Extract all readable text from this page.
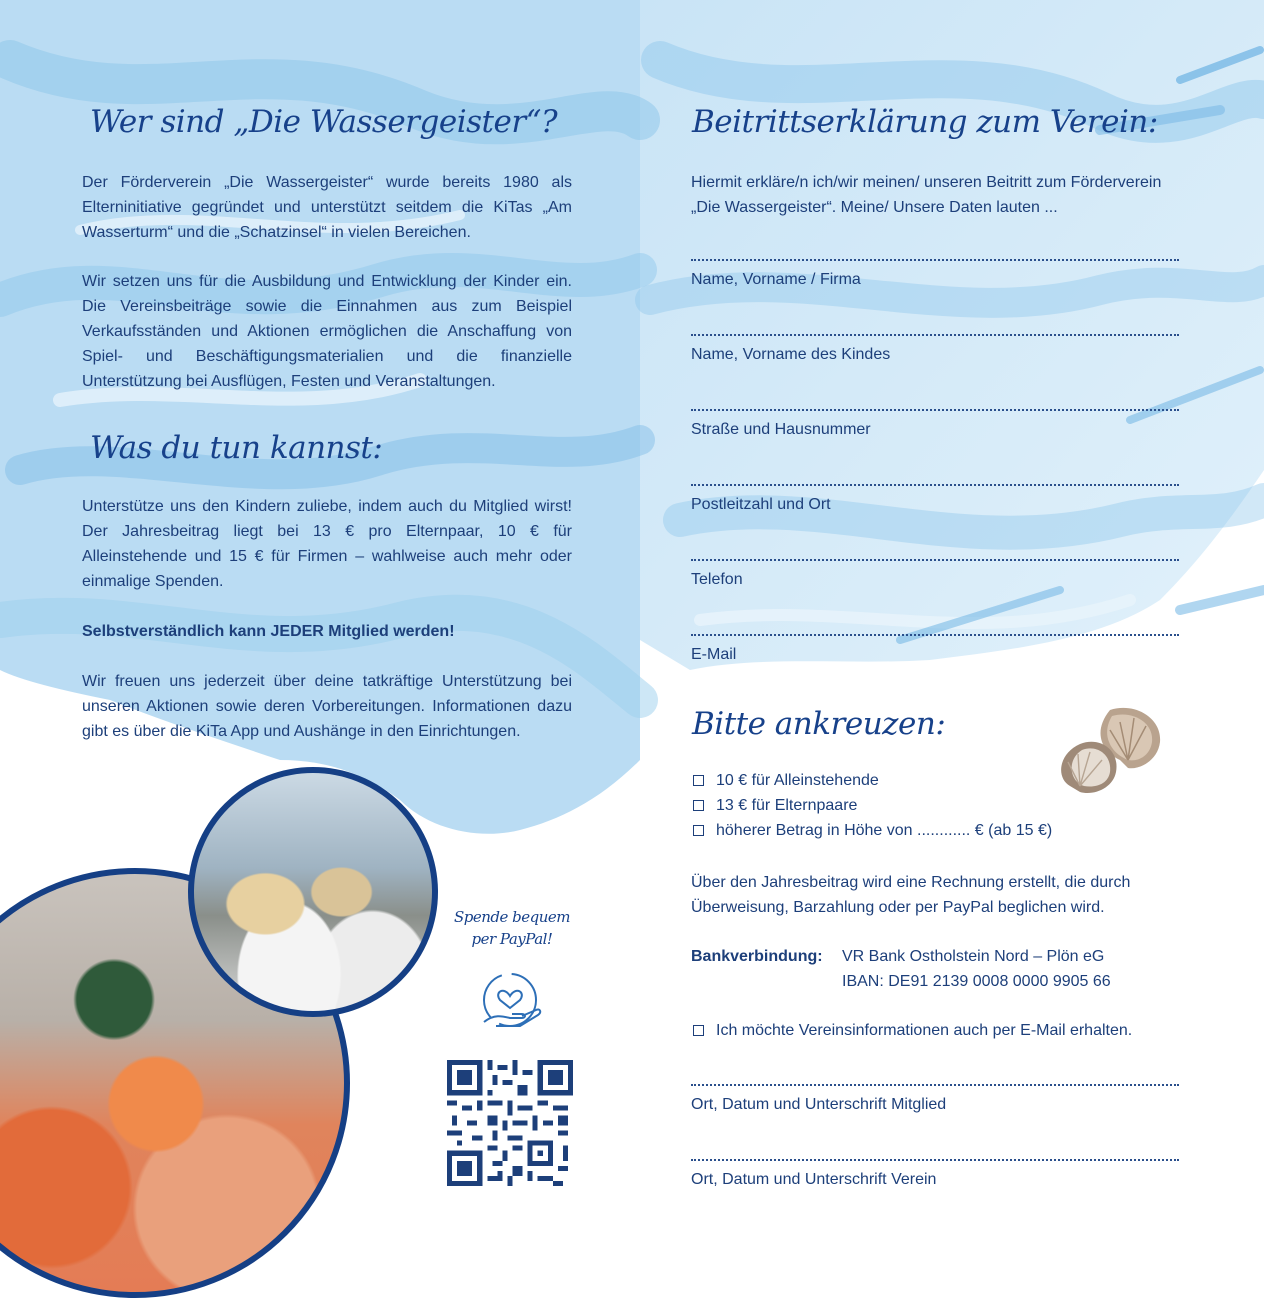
Wer sind „Die Wassergeister“?
Der Förderverein „Die Wassergeister“ wurde bereits 1980 als Elterninitiative gegründet und unterstützt seitdem die KiTas „Am Wasserturm“ und die „Schatzinsel“ in vielen Bereichen.
Wir setzen uns für die Ausbildung und Entwicklung der Kinder ein. Die Vereinsbeiträge sowie die Einnahmen aus zum Beispiel Verkaufsständen und Aktionen ermöglichen die Anschaffung von Spiel- und Beschäftigungsmaterialien und die finanzielle Unterstützung bei Ausflügen, Festen und Veranstaltungen.
Was du tun kannst:
Unterstütze uns den Kindern zuliebe, indem auch du Mitglied wirst! Der Jahresbeitrag liegt bei 13 € pro Elternpaar, 10 € für Alleinstehende und 15 € für Firmen – wahlweise auch mehr oder einmalige Spenden.
Selbstverständlich kann JEDER Mitglied werden!
Wir freuen uns jederzeit über deine tatkräftige Unterstützung bei unseren Aktionen sowie deren Vorbereitungen. Informationen dazu gibt es über die KiTa App und Aushänge in den Einrichtungen.
Spende bequem
per PayPal!
Beitrittserklärung zum Verein:
Hiermit erkläre/n ich/wir meinen/ unseren Beitritt zum Förderverein „Die Wassergeister“. Meine/ Unsere Daten lauten ...
Name, Vorname / Firma
Name, Vorname des Kindes
Straße und Hausnummer
Postleitzahl und Ort
Telefon
E-Mail
Bitte ankreuzen:
10 € für Alleinstehende
13 € für Elternpaare
höherer Betrag in Höhe von ............ € (ab 15 €)
Über den Jahresbeitrag wird eine Rechnung erstellt, die durch Überweisung, Barzahlung oder per PayPal beglichen wird.
Bankverbindung: VR Bank Ostholstein Nord – Plön eG
IBAN: DE91 2139 0008 0000 9905 66
Ich möchte Vereinsinformationen auch per E-Mail erhalten.
Ort, Datum und Unterschrift Mitglied
Ort, Datum und Unterschrift Verein
